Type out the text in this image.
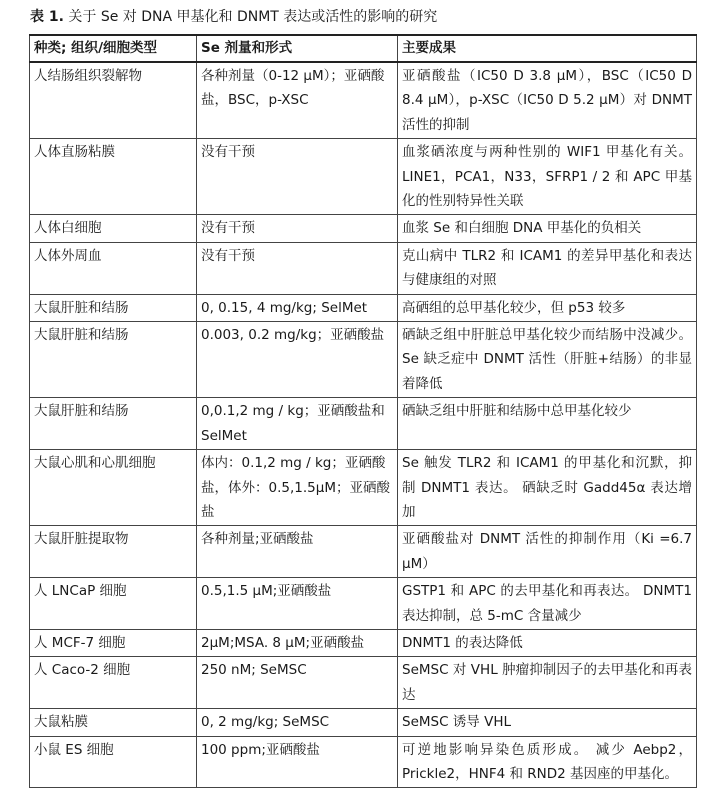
表 1. 关于 Se 对 DNA 甲基化和 DNMT 表达或活性的影响的研究
种类; 组织/细胞类型	Se 剂量和形式	主要成果
人结肠组织裂解物	各种剂量（0-12 µM）；亚硒酸盐，BSC，p-XSC	亚硒酸盐（IC50 D 3.8 µM），BSC（IC50 D 8.4 µM），p-XSC（IC50 D 5.2 µM）对 DNMT 活性的抑制
人体直肠粘膜	没有干预	血浆硒浓度与两种性别的 WIF1 甲基化有关。 LINE1，PCA1，N33，SFRP1 / 2 和 APC 甲基化的性别特异性关联
人体白细胞	没有干预	血浆 Se 和白细胞 DNA 甲基化的负相关
人体外周血	没有干预	克山病中 TLR2 和 ICAM1 的差异甲基化和表达与健康组的对照
大鼠肝脏和结肠	0, 0.15, 4 mg/kg; SelMet	高硒组的总甲基化较少，但 p53 较多
大鼠肝脏和结肠	0.003, 0.2 mg/kg；亚硒酸盐	硒缺乏组中肝脏总甲基化较少而结肠中没减少。 Se 缺乏症中 DNMT 活性（肝脏+结肠）的非显着降低
大鼠肝脏和结肠	0,0.1,2 mg / kg；亚硒酸盐和 SelMet	硒缺乏组中肝脏和结肠中总甲基化较少
大鼠心肌和心肌细胞	体内：0.1,2 mg / kg；亚硒酸盐，体外：0.5,1.5µM；亚硒酸盐	Se 触发 TLR2 和 ICAM1 的甲基化和沉默，抑制 DNMT1 表达。 硒缺乏时 Gadd45α 表达增加
大鼠肝脏提取物	各种剂量;亚硒酸盐	亚硒酸盐对 DNMT 活性的抑制作用（Ki =6.7 µM）
人 LNCaP 细胞	0.5,1.5 µM;亚硒酸盐	GSTP1 和 APC 的去甲基化和再表达。 DNMT1 表达抑制，总 5-mC 含量减少
人 MCF-7 细胞	2µM;MSA. 8 µM;亚硒酸盐	DNMT1 的表达降低
人 Caco-2 细胞	250 nM; SeMSC	SeMSC 对 VHL 肿瘤抑制因子的去甲基化和再表达
大鼠粘膜	0, 2 mg/kg; SeMSC	SeMSC 诱导 VHL
小鼠 ES 细胞	100 ppm;亚硒酸盐	可逆地影响异染色质形成。 减少 Aebp2，Prickle2，HNF4 和 RND2 基因座的甲基化。
